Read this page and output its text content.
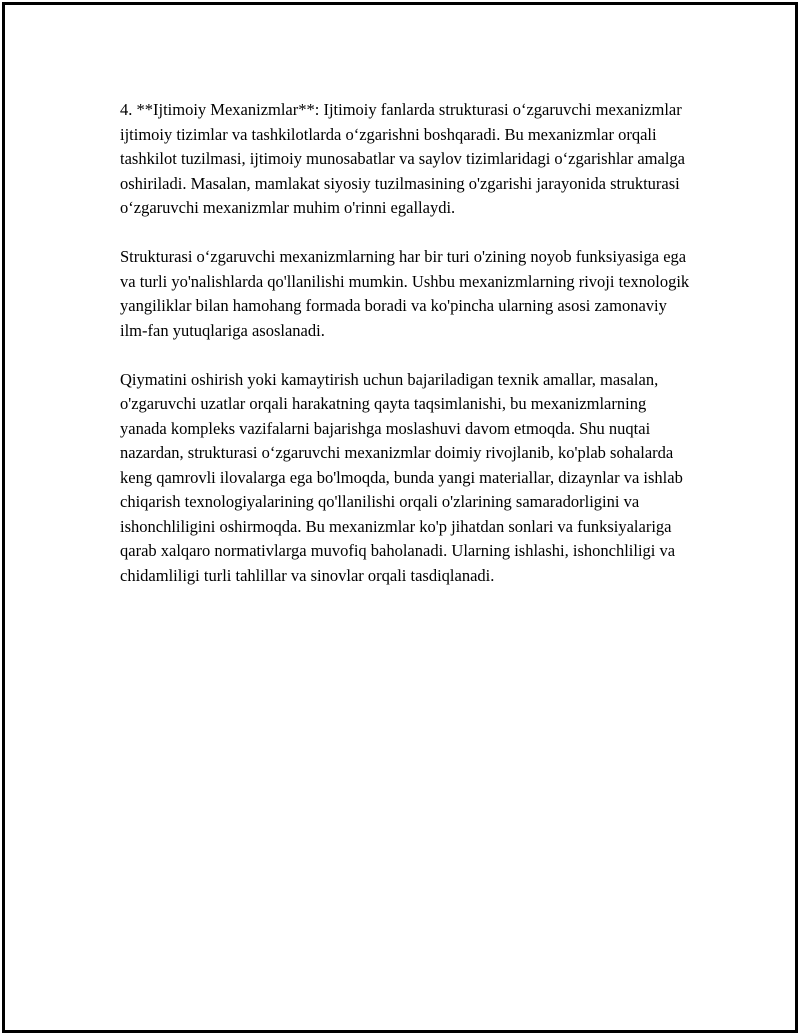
4. **Ijtimoiy Mexanizmlar**: Ijtimoiy fanlarda strukturasi o‘zgaruvchi mexanizmlar ijtimoiy tizimlar va tashkilotlarda o‘zgarishni boshqaradi. Bu mexanizmlar orqali tashkilot tuzilmasi, ijtimoiy munosabatlar va saylov tizimlaridagi o‘zgarishlar amalga oshiriladi. Masalan, mamlakat siyosiy tuzilmasining o'zgarishi jarayonida strukturasi o‘zgaruvchi mexanizmlar muhim o'rinni egallaydi.

Strukturasi o‘zgaruvchi mexanizmlarning har bir turi o'zining noyob funksiyasiga ega va turli yo'nalishlarda qo'llanilishi mumkin. Ushbu mexanizmlarning rivoji texnologik yangiliklar bilan hamohang formada boradi va ko'pincha ularning asosi zamonaviy ilm-fan yutuqlariga asoslanadi.

Qiymatini oshirish yoki kamaytirish uchun bajariladigan texnik amallar, masalan, o'zgaruvchi uzatlar orqali harakatning qayta taqsimlanishi, bu mexanizmlarning yanada kompleks vazifalarni bajarishga moslashuvi davom etmoqda. Shu nuqtai nazardan, strukturasi o‘zgaruvchi mexanizmlar doimiy rivojlanib, ko'plab sohalarda keng qamrovli ilovalarga ega bo'lmoqda, bunda yangi materiallar, dizaynlar va ishlab chiqarish texnologiyalarining qo'llanilishi orqali o'zlarining samaradorligini va ishonchliligini oshirmoqda. Bu mexanizmlar ko'p jihatdan sonlari va funksiyalariga qarab xalqaro normativlarga muvofiq baholanadi. Ularning ishlashi, ishonchliligi va chidamliligi turli tahlillar va sinovlar orqali tasdiqlanadi.
